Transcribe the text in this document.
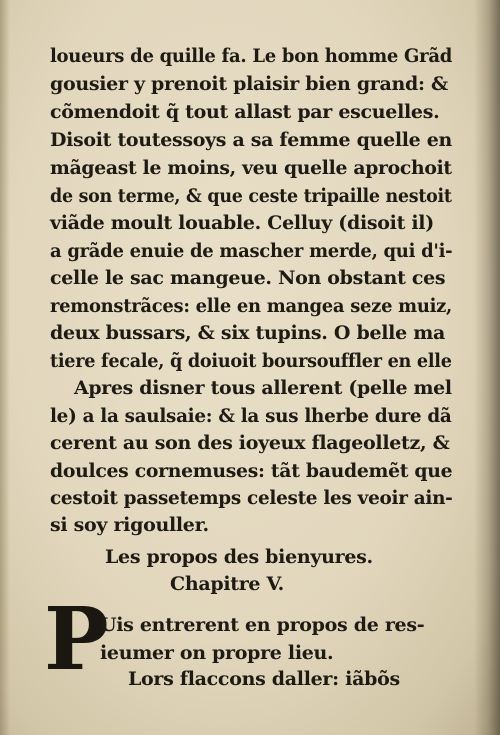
loueurs de quille fa. Le bon homme Grãd
gousier y prenoit plaisir bien grand: &
cõmendoit q̃ tout allast par escuelles.
Disoit toutessoys a sa femme quelle en
mãgeast le moins, veu quelle aprochoit
de son terme, & que ceste tripaille nestoit
viãde moult louable. Celluy (disoit il)
a grãde enuie de mascher merde, qui d'i-
celle le sac mangeue. Non obstant ces
remonstrãces: elle en mangea seze muiz,
deux bussars, & six tupins. O belle ma
tiere fecale, q̃ doiuoit boursouffler en elle
Apres disner tous allerent (pelle mel
le) a la saulsaie: & la sus lherbe dure dã
cerent au son des ioyeux flageolletz, &
doulces cornemuses: tãt baudemẽt que
cestoit passetemps celeste les veoir ain-
si soy rigouller.
Les propos des bienyures.
Chapitre V.
P
Uis entrerent en propos de res-
ieumer on propre lieu.
Lors flaccons daller: iãbõs
